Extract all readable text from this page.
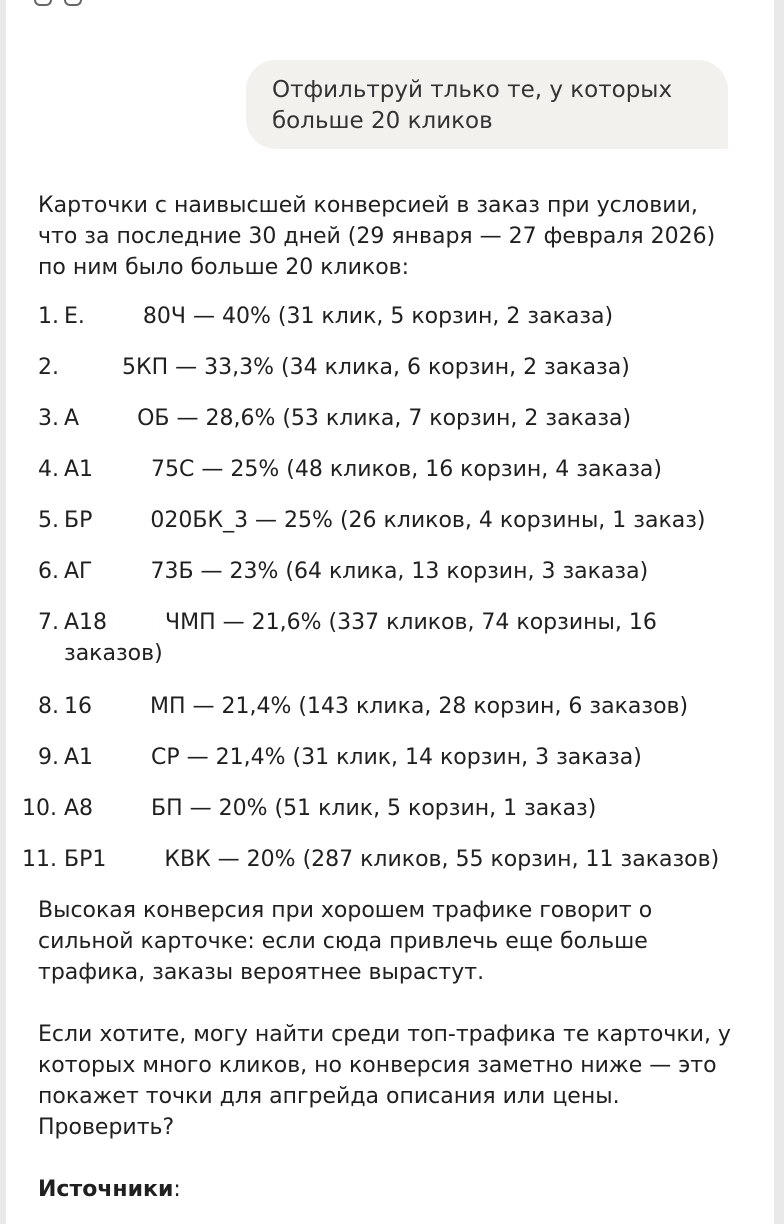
Отфильтруй тлько те, у которых больше 20 кликов

Карточки с наивысшей конверсией в заказ при условии, что за последние 30 дней (29 января — 27 февраля 2026) по ним было больше 20 кликов:

1. Е.	80Ч — 40% (31 клик, 5 корзин, 2 заказа)
2.	5КП — 33,3% (34 клика, 6 корзин, 2 заказа)
3. А	ОБ — 28,6% (53 клика, 7 корзин, 2 заказа)
4. А1	75С — 25% (48 кликов, 16 корзин, 4 заказа)
5. БР	020БК_3 — 25% (26 кликов, 4 корзины, 1 заказ)
6. АГ	73Б — 23% (64 клика, 13 корзин, 3 заказа)
7. А18	ЧМП — 21,6% (337 кликов, 74 корзины, 16 заказов)
8. 16	МП — 21,4% (143 клика, 28 корзин, 6 заказов)
9. А1	СР — 21,4% (31 клик, 14 корзин, 3 заказа)
10. А8	БП — 20% (51 клик, 5 корзин, 1 заказ)
11. БР1	КВК — 20% (287 кликов, 55 корзин, 11 заказов)

Высокая конверсия при хорошем трафике говорит о сильной карточке: если сюда привлечь еще больше трафика, заказы вероятнее вырастут.

Если хотите, могу найти среди топ-трафика те карточки, у которых много кликов, но конверсия заметно ниже — это покажет точки для апгрейда описания или цены. Проверить?

Источники:
